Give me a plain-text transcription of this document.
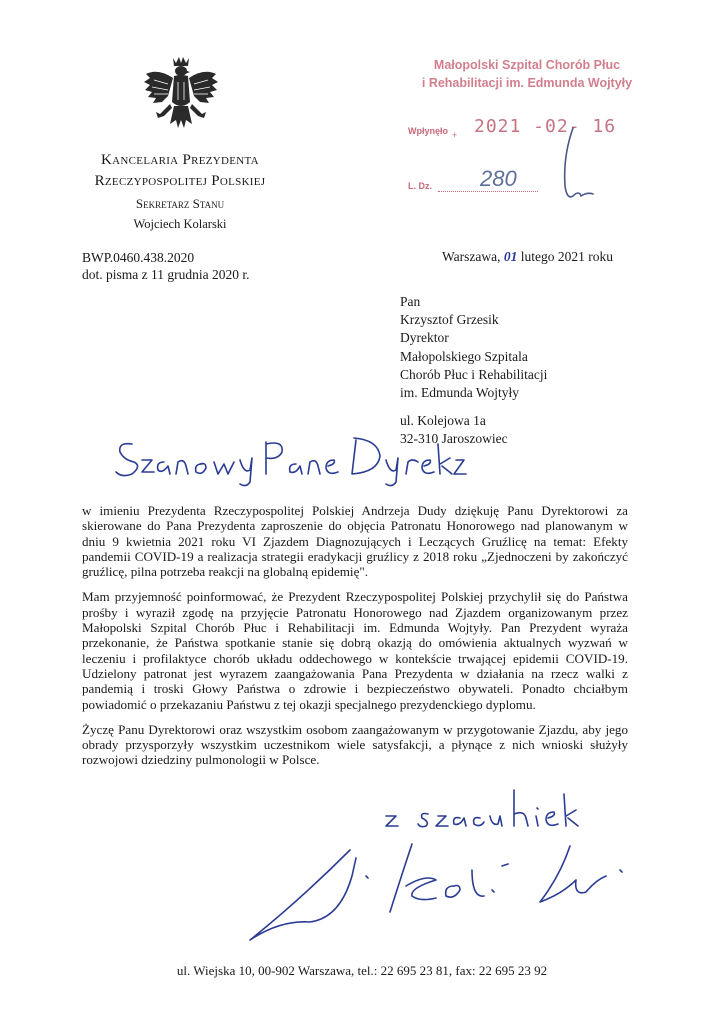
Kancelaria Prezydenta
Rzeczypospolitej Polskiej
Sekretarz Stanu
Wojciech Kolarski
Małopolski Szpital Chorób Płuc
i Rehabilitacji im. Edmunda Wojtyły
Wpłynęło + 2021 -02- 16
L. Dz. 280
BWP.0460.438.2020
dot. pisma z 11 grudnia 2020 r.
Warszawa, 01 lutego 2021 roku
Pan
Krzysztof Grzesik
Dyrektor
Małopolskiego Szpitala
Chorób Płuc i Rehabilitacji
im. Edmunda Wojtyły
ul. Kolejowa 1a
32-310 Jaroszowiec

w imieniu Prezydenta Rzeczypospolitej Polskiej Andrzeja Dudy dziękuję Panu Dyrektorowi za skierowane do Pana Prezydenta zaproszenie do objęcia Patronatu Honorowego nad planowanym w dniu 9 kwietnia 2021 roku VI Zjazdem Diagnozujących i Leczących Gruźlicę na temat: Efekty pandemii COVID-19 a realizacja strategii eradykacji gruźlicy z 2018 roku „Zjednoczeni by zakończyć gruźlicę, pilna potrzeba reakcji na globalną epidemię".

Mam przyjemność poinformować, że Prezydent Rzeczypospolitej Polskiej przychylił się do Państwa prośby i wyraził zgodę na przyjęcie Patronatu Honorowego nad Zjazdem organizowanym przez Małopolski Szpital Chorób Płuc i Rehabilitacji im. Edmunda Wojtyły. Pan Prezydent wyraża przekonanie, że Państwa spotkanie stanie się dobrą okazją do omówienia aktualnych wyzwań w leczeniu i profilaktyce chorób układu oddechowego w kontekście trwającej epidemii COVID-19. Udzielony patronat jest wyrazem zaangażowania Pana Prezydenta w działania na rzecz walki z pandemią i troski Głowy Państwa o zdrowie i bezpieczeństwo obywateli. Ponadto chciałbym powiadomić o przekazaniu Państwu z tej okazji specjalnego prezydenckiego dyplomu.

Życzę Panu Dyrektorowi oraz wszystkim osobom zaangażowanym w przygotowanie Zjazdu, aby jego obrady przysporzyły wszystkim uczestnikom wiele satysfakcji, a płynące z nich wnioski służyły rozwojowi dziedziny pulmonologii w Polsce.

ul. Wiejska 10, 00-902 Warszawa, tel.: 22 695 23 81, fax: 22 695 23 92
